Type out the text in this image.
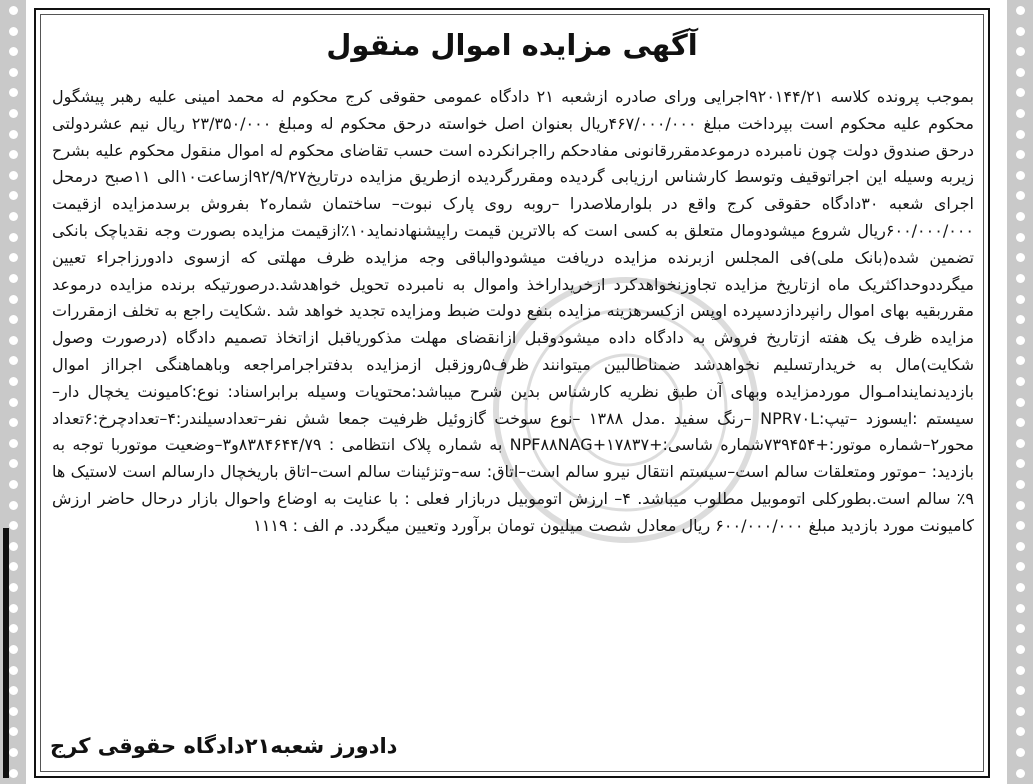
آگهی مزایده اموال منقول

بموجب پرونده کلاسه ۹۲۰۱۴۴/۲۱اجرایی ورای صادره ازشعبه ۲۱ دادگاه عمومی حقوقی کرج محکوم له محمد امینی علیه رهبر پیشگول محکوم علیه محکوم است بپرداخت مبلغ ۴۶۷/۰۰۰/۰۰۰ریال بعنوان اصل خواسته درحق محکوم له ومبلغ ۲۳/۳۵۰/۰۰۰ ریال نیم عشردولتی درحق صندوق دولت چون نامبرده درموعدمقررقانونی مفادحکم رااجرانکرده است حسب تقاضای محکوم له اموال منقول محکوم علیه بشرح زیربه وسیله این اجراتوقیف وتوسط کارشناس ارزیابی گردیده ومقررگردیده ازطریق مزایده درتاریخ۹۲/۹/۲۷ازساعت۱۰الی ۱۱صبح درمحل اجرای شعبه ۳۰دادگاه حقوقی کرج واقع در بلوارملاصدرا –روبه روی پارک نبوت– ساختمان شماره۲ بفروش برسدمزایده ازقیمت ۶۰۰/۰۰۰/۰۰۰ریال شروع میشودومال متعلق به کسی است که بالاترین قیمت راپیشنهادنماید۱۰٪ازقیمت مزایده بصورت وجه نقدیاچک بانکی تضمین شده(بانک ملی)فی المجلس ازبرنده مزایده دریافت میشودوالباقی وجه مزایده ظرف مهلتی که ازسوی دادورزاجراء تعیین میگرددوحداکثریک ماه ازتاریخ مزایده تجاوزنخواهدکرد ازخریداراخذ واموال به نامبرده تحویل خواهدشد.درصورتیکه برنده مزایده درموعد مقرربقیه بهای اموال رانپردازدسپرده اوپس ازکسرهزینه مزایده بنفع دولت ضبط ومزایده تجدید خواهد شد .شکایت راجع به تخلف ازمقررات مزایده ظرف یک هفته ازتاریخ فروش به دادگاه داده میشودوقبل ازانقضای مهلت مذکورياقبل ازاتخاذ تصمیم دادگاه (درصورت وصول شکایت)مال به خریدارتسلیم نخواهدشد ضمناطالبین میتوانند ظرف۵روزقبل ازمزایده بدفتراجرامراجعه وباهماهنگی اجرااز اموال بازدیدنمایندامـوال موردمزایده وبهای آن طبق نظریه کارشناس بدین شرح میباشد:محتویات وسیله برابراسناد: نوع:کامیونت یخچال دار– سیستم :ایسوزد –تیپ:NPR۷۰L –رنگ سفید .مدل ۱۳۸۸ –نوع سوخت گازوئیل ظرفیت جمعا شش نفر–تعدادسیلندر:۴–تعدادچرخ:۶تعداد محور۲–شماره موتور:+۷۳۹۴۵۴شماره شاسی:+۱۷۸۳۷+NPF۸۸NAG به شماره پلاک انتظامی : ۸۳۸۴۶۴۴/۷۹و۳–وضعیت موتوربا توجه به بازدید: –موتور ومتعلقات سالم است–سیستم انتقال نیرو سالم است–اتاق: سه–وتزئینات سالم است–اتاق باریخچال دارسالم است لاستیک ها ۹٪ سالم است.بطورکلی اتوموبیل مطلوب میباشد. ۴– ارزش اتوموبیل دربازار فعلی : با عنایت به اوضاع واحوال بازار درحال حاضر ارزش کامیونت مورد بازدید مبلغ ۶۰۰/۰۰۰/۰۰۰ ریال معادل شصت میلیون تومان برآورد وتعیین میگردد. م الف : ۱۱۱۹

دادورز شعبه۲۱دادگاه حقوقی کرج
